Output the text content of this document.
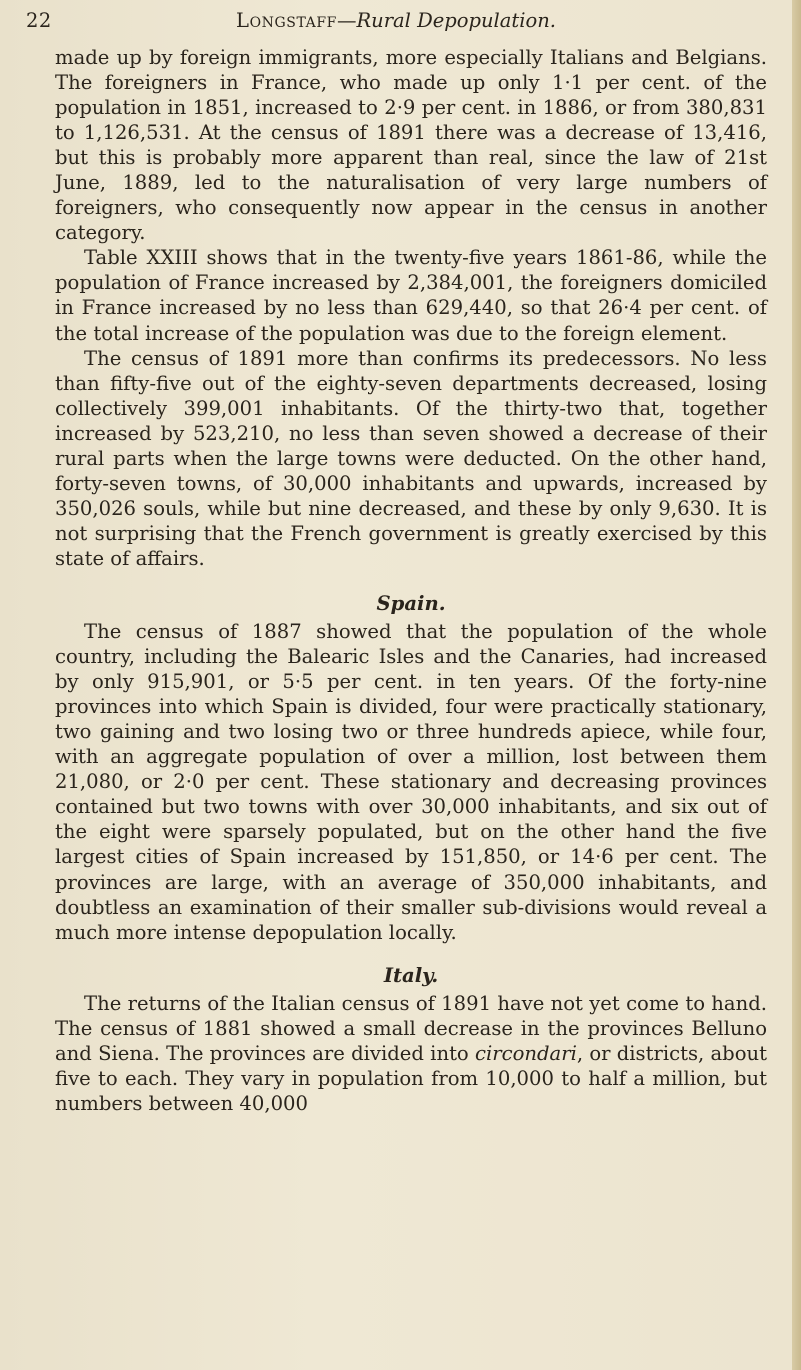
22	Longstaff—Rural Depopulation.

made up by foreign immigrants, more especially Italians and Belgians. The foreigners in France, who made up only 1·1 per cent. of the population in 1851, increased to 2·9 per cent. in 1886, or from 380,831 to 1,126,531. At the census of 1891 there was a decrease of 13,416, but this is probably more apparent than real, since the law of 21st June, 1889, led to the naturalisation of very large numbers of foreigners, who consequently now appear in the census in another category.

Table XXIII shows that in the twenty-five years 1861-86, while the population of France increased by 2,384,001, the foreigners domiciled in France increased by no less than 629,440, so that 26·4 per cent. of the total increase of the population was due to the foreign element.

The census of 1891 more than confirms its predecessors. No less than fifty-five out of the eighty-seven departments decreased, losing collectively 399,001 inhabitants. Of the thirty-two that, together increased by 523,210, no less than seven showed a decrease of their rural parts when the large towns were deducted. On the other hand, forty-seven towns, of 30,000 inhabitants and upwards, increased by 350,026 souls, while but nine decreased, and these by only 9,630. It is not surprising that the French government is greatly exercised by this state of affairs.

Spain.

The census of 1887 showed that the population of the whole country, including the Balearic Isles and the Canaries, had increased by only 915,901, or 5·5 per cent. in ten years. Of the forty-nine provinces into which Spain is divided, four were practically stationary, two gaining and two losing two or three hundreds apiece, while four, with an aggregate population of over a million, lost between them 21,080, or 2·0 per cent. These stationary and decreasing provinces contained but two towns with over 30,000 inhabitants, and six out of the eight were sparsely populated, but on the other hand the five largest cities of Spain increased by 151,850, or 14·6 per cent. The provinces are large, with an average of 350,000 inhabitants, and doubtless an examination of their smaller sub-divisions would reveal a much more intense depopulation locally.

Italy.

The returns of the Italian census of 1891 have not yet come to hand. The census of 1881 showed a small decrease in the provinces Belluno and Siena. The provinces are divided into circondari, or districts, about five to each. They vary in population from 10,000 to half a million, but numbers between 40,000
